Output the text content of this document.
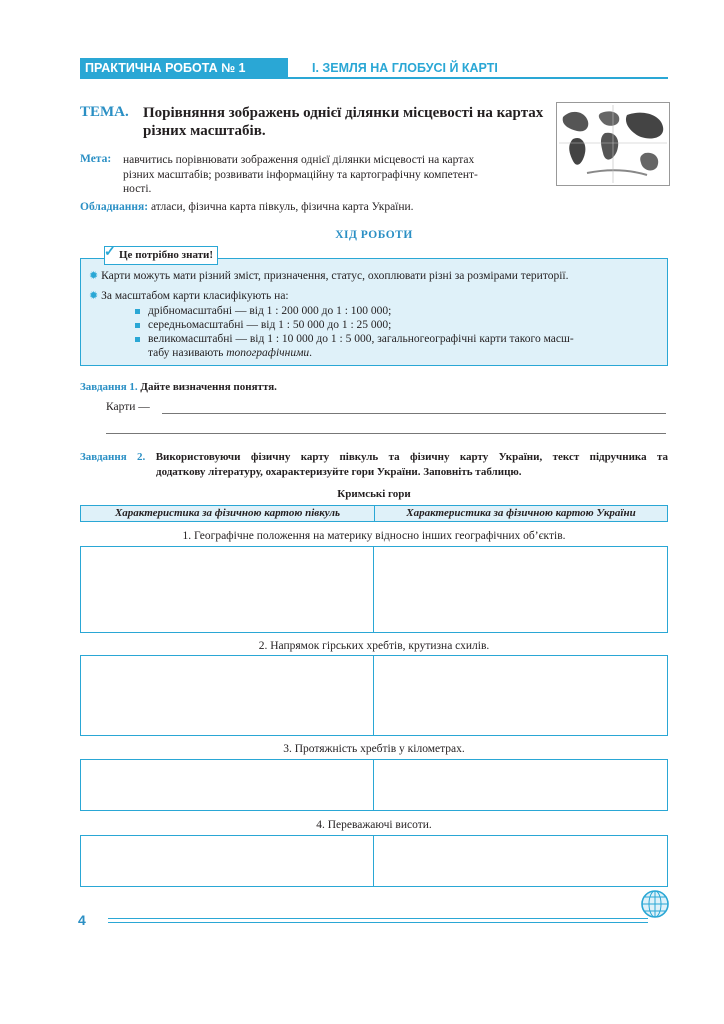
ПРАКТИЧНА РОБОТА № 1	І. ЗЕМЛЯ НА ГЛОБУСІ Й КАРТІ
ТЕМА. Порівняння зображень однієї ділянки місцевості на картах
різних масштабів.
Мета: навчитись порівнювати зображення однієї ділянки місцевості на картах
різних масштабів; розвивати інформаційну та картографічну компетент-
ності.
Обладнання: атласи, фізична карта півкуль, фізична карта України.
ХІД РОБОТИ
✹ Карти можуть мати різний зміст, призначення, статус, охоплювати різні за розмірами території.
✹ За масштабом карти класифікують на:
дрібномасштабні — від 1 : 200 000 до 1 : 100 000;
середньомасштабні — від 1 : 50 000 до 1 : 25 000;
великомасштабні — від 1 : 10 000 до 1 : 5 000, загальногеографічні карти такого масш-
табу називають топографічними.
Це потрібно знати!
✓
Завдання 1. Дайте визначення поняття.
Карти —
Завдання 2. Використовуючи фізичну карту півкуль та фізичну карту України, текст підручника та
додаткову літературу, охарактеризуйте гори України. Заповніть таблицю.
Кримські гори
Характеристика за фізичною картою півкуль	Характеристика за фізичною картою України
1. Географічне положення на материку відносно інших географічних об’єктів.
2. Напрямок гірських хребтів, крутизна схилів.
3. Протяжність хребтів у кілометрах.
4. Переважаючі висоти.
4
